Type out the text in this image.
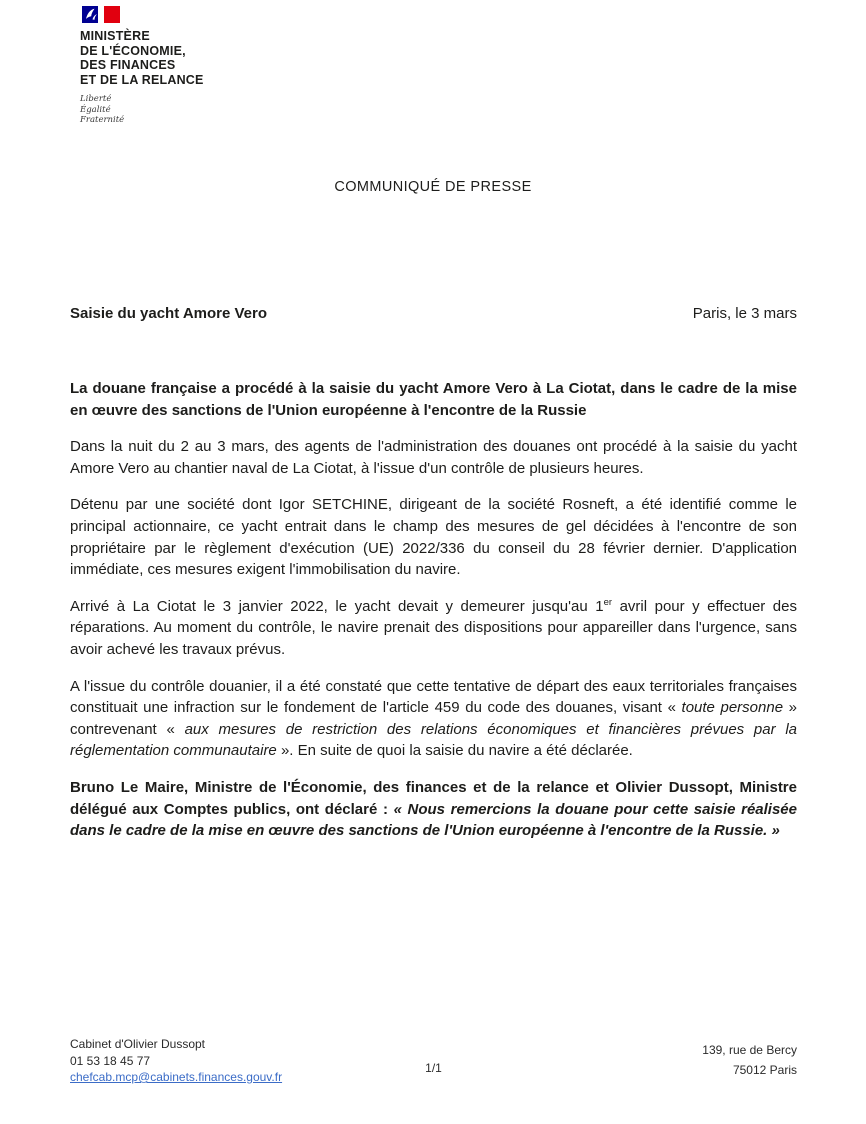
MINISTÈRE
DE L'ÉCONOMIE,
DES FINANCES
ET DE LA RELANCE
Liberté
Égalité
Fraternité
COMMUNIQUÉ DE PRESSE
Saisie du yacht Amore Vero	Paris, le 3 mars

La douane française a procédé à la saisie du yacht Amore Vero à La Ciotat, dans le cadre de la mise en œuvre des sanctions de l'Union européenne à l'encontre de la Russie

Dans la nuit du 2 au 3 mars, des agents de l'administration des douanes ont procédé à la saisie du yacht Amore Vero au chantier naval de La Ciotat, à l'issue d'un contrôle de plusieurs heures.

Détenu par une société dont Igor SETCHINE, dirigeant de la société Rosneft, a été identifié comme le principal actionnaire, ce yacht entrait dans le champ des mesures de gel décidées à l'encontre de son propriétaire par le règlement d'exécution (UE) 2022/336 du conseil du 28 février dernier. D'application immédiate, ces mesures exigent l'immobilisation du navire.

Arrivé à La Ciotat le 3 janvier 2022, le yacht devait y demeurer jusqu'au 1er avril pour y effectuer des réparations. Au moment du contrôle, le navire prenait des dispositions pour appareiller dans l'urgence, sans avoir achevé les travaux prévus.

A l'issue du contrôle douanier, il a été constaté que cette tentative de départ des eaux territoriales françaises constituait une infraction sur le fondement de l'article 459 du code des douanes, visant « toute personne » contrevenant « aux mesures de restriction des relations économiques et financières prévues par la réglementation communautaire ». En suite de quoi la saisie du navire a été déclarée.

Bruno Le Maire, Ministre de l'Économie, des finances et de la relance et Olivier Dussopt, Ministre délégué aux Comptes publics, ont déclaré : « Nous remercions la douane pour cette saisie réalisée dans le cadre de la mise en œuvre des sanctions de l'Union européenne à l'encontre de la Russie. »

Cabinet d'Olivier Dussopt
01 53 18 45 77
chefcab.mcp@cabinets.finances.gouv.fr
1/1
139, rue de Bercy
75012 Paris
